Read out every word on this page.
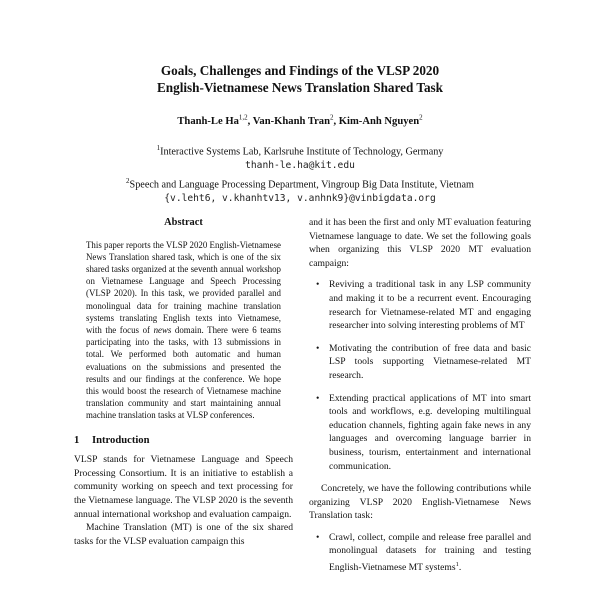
Goals, Challenges and Findings of the VLSP 2020
English-Vietnamese News Translation Shared Task
Thanh-Le Ha$^{1,2}$, Van-Khanh Tran$^2$, Kim-Anh Nguyen$^2$
$^1$Interactive Systems Lab, Karlsruhe Institute of Technology, Germany
thanh-le.ha@kit.edu
$^2$Speech and Language Processing Department, Vingroup Big Data Institute, Vietnam
{v.leht6, v.khanhtv13, v.anhnk9}@vinbigdata.org
Abstract

This paper reports the VLSP 2020 English-Vietnamese News Translation shared task, which is one of the six shared tasks organized at the seventh annual workshop on Vietnamese Language and Speech Processing (VLSP 2020). In this task, we provided parallel and monolingual data for training machine translation systems translating English texts into Vietnamese, with the focus of news domain. There were 6 teams participating into the tasks, with 13 submissions in total. We performed both automatic and human evaluations on the submissions and presented the results and our findings at the conference. We hope this would boost the research of Vietnamese machine translation community and start maintaining annual machine translation tasks at VLSP conferences.

1 Introduction

VLSP stands for Vietnamese Language and Speech Processing Consortium. It is an initiative to establish a community working on speech and text processing for the Vietnamese language. The VLSP 2020 is the seventh annual international workshop and evaluation campaign.

Machine Translation (MT) is one of the six shared tasks for the VLSP evaluation campaign this

and it has been the first and only MT evaluation featuring Vietnamese language to date. We set the following goals when organizing this VLSP 2020 MT evaluation campaign:

• Reviving a traditional task in any LSP community and making it to be a recurrent event. Encouraging research for Vietnamese-related MT and engaging researcher into solving interesting problems of MT
• Motivating the contribution of free data and basic LSP tools supporting Vietnamese-related MT research.
• Extending practical applications of MT into smart tools and workflows, e.g. developing multilingual education channels, fighting again fake news in any languages and overcoming language barrier in business, tourism, entertainment and international communication.

Concretely, we have the following contributions while organizing VLSP 2020 English-Vietnamese News Translation task:

• Crawl, collect, compile and release free parallel and monolingual datasets for training and testing English-Vietnamese MT systems$^1$.
